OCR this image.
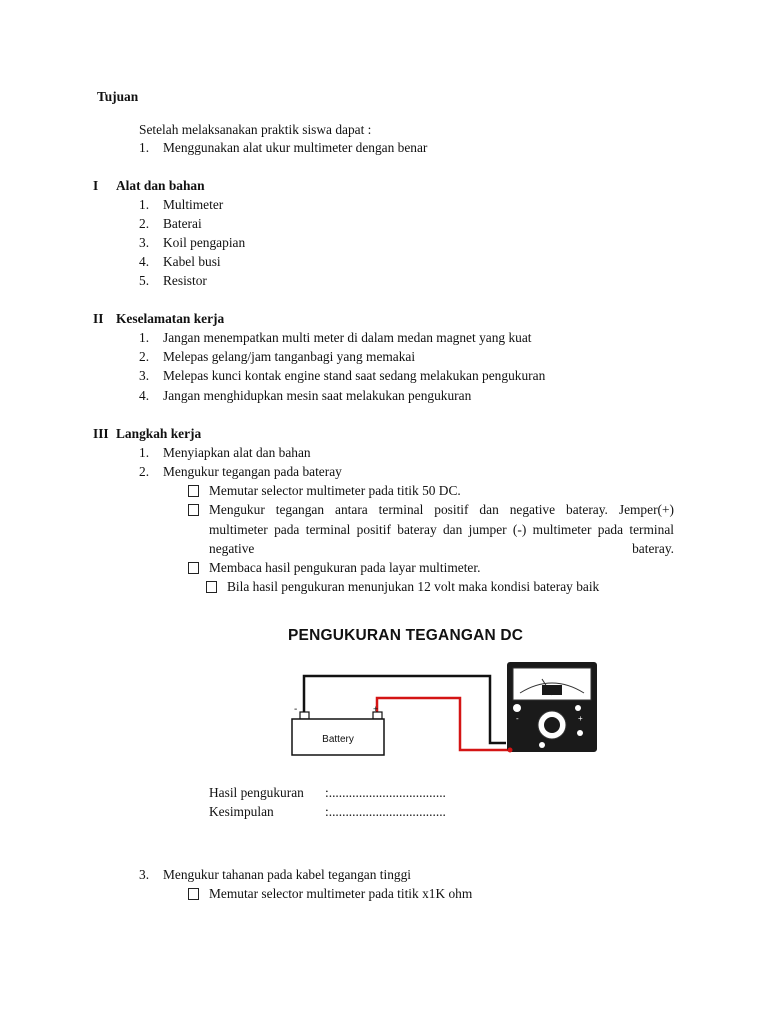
Tujuan
Setelah melaksanakan praktik siswa dapat :
1. Menggunakan alat ukur multimeter dengan benar
I Alat dan bahan
1. Multimeter
2. Baterai
3. Koil pengapian
4. Kabel busi
5. Resistor
II Keselamatan kerja
1. Jangan menempatkan multi meter di dalam medan magnet yang kuat
2. Melepas gelang/jam tanganbagi yang memakai
3. Melepas kunci kontak engine stand saat sedang melakukan pengukuran
4. Jangan menghidupkan mesin saat melakukan pengukuran
III Langkah kerja
1. Menyiapkan alat dan bahan
2. Mengukur tegangan pada bateray
Memutar selector multimeter pada titik 50 DC.
Mengukur tegangan antara terminal positif dan negative bateray. Jemper(+) multimeter pada terminal positif bateray dan jumper (-) multimeter pada terminal negative bateray.
Membaca hasil pengukuran pada layar multimeter.
Bila hasil pengukuran menunjukan 12 volt maka kondisi bateray baik
PENGUKURAN TEGANGAN DC
-	+
Battery
+
-
Hasil pengukuran :...................................
Kesimpulan	:...................................
3. Mengukur tahanan pada kabel tegangan tinggi
Memutar selector multimeter pada titik x1K ohm
